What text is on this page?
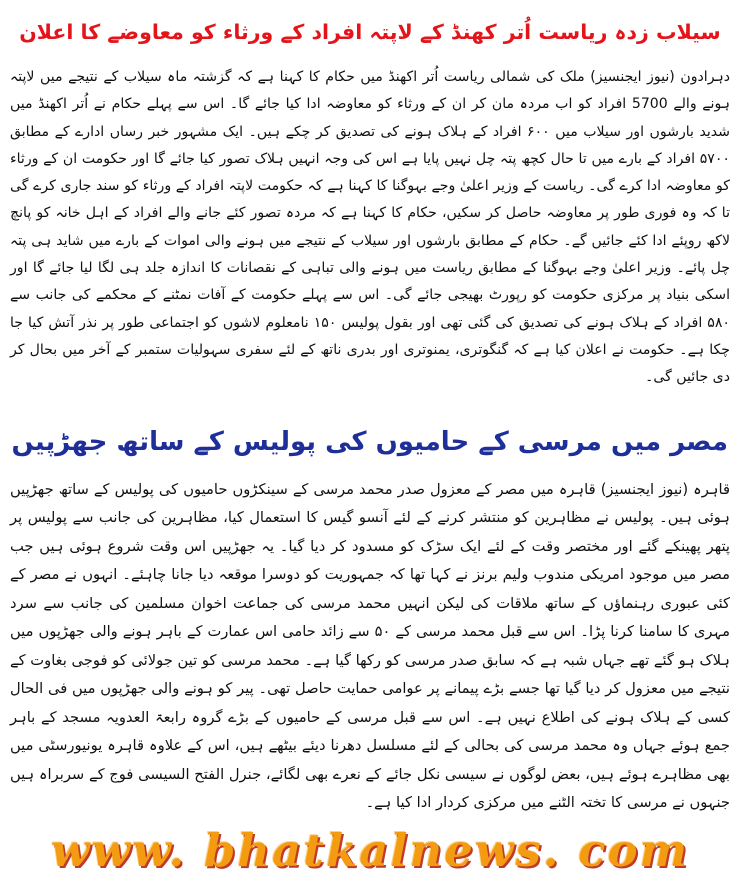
سیلاب زدہ ریاست اُتر کھنڈ کے لاپتہ افراد کے ورثاء کو معاوضے کا اعلان
دہرادون (نیوز ایجنسیز) ملک کی شمالی ریاست اُتر اکھنڈ میں حکام کا کہنا ہے کہ گزشتہ ماہ سیلاب کے نتیجے میں لاپتہ ہونے والے 5700 افراد کو اب مردہ مان کر ان کے ورثاء کو معاوضہ ادا کیا جائے گا۔ اس سے پہلے حکام نے اُتر اکھنڈ میں شدید بارشوں اور سیلاب میں ۶۰۰ افراد کے ہلاک ہونے کی تصدیق کر چکے ہیں۔ ایک مشہور خبر رساں ادارے کے مطابق ۵۷۰۰ افراد کے بارے میں تا حال کچھ پتہ چل نہیں پایا ہے اس کی وجہ انہیں ہلاک تصور کیا جائے گا اور حکومت ان کے ورثاء کو معاوضہ ادا کرے گی۔ ریاست کے وزیر اعلیٰ وجے بہوگنا کا کہنا ہے کہ حکومت لاپتہ افراد کے ورثاء کو سند جاری کرے گی تا کہ وہ فوری طور پر معاوضہ حاصل کر سکیں، حکام کا کہنا ہے کہ مردہ تصور کئے جانے والے افراد کے اہل خانہ کو پانچ لاکھ روپئے ادا کئے جائیں گے۔ حکام کے مطابق بارشوں اور سیلاب کے نتیجے میں ہونے والی اموات کے بارے میں شاید ہی پتہ چل پائے۔ وزیر اعلیٰ وجے بہوگنا کے مطابق ریاست میں ہونے والی تباہی کے نقصانات کا اندازہ جلد ہی لگا لیا جائے گا اور اسکی بنیاد پر مرکزی حکومت کو رپورٹ بھیجی جائے گی۔ اس سے پہلے حکومت کے آفات نمٹنے کے محکمے کی جانب سے ۵۸۰ افراد کے ہلاک ہونے کی تصدیق کی گئی تھی اور بقول پولیس ۱۵۰ نامعلوم لاشوں کو اجتماعی طور پر نذر آتش کیا جا چکا ہے۔ حکومت نے اعلان کیا ہے کہ گنگوتری، یمنوتری اور بدری ناتھ کے لئے سفری سہولیات ستمبر کے آخر میں بحال کر دی جائیں گی۔
مصر میں مرسی کے حامیوں کی پولیس کے ساتھ جھڑپیں
قاہرہ (نیوز ایجنسیز) قاہرہ میں مصر کے معزول صدر محمد مرسی کے سینکڑوں حامیوں کی پولیس کے ساتھ جھڑپیں ہوئی ہیں۔ پولیس نے مظاہرین کو منتشر کرنے کے لئے آنسو گیس کا استعمال کیا، مظاہرین کی جانب سے پولیس پر پتھر پھینکے گئے اور مختصر وقت کے لئے ایک سڑک کو مسدود کر دیا گیا۔ یہ جھڑپیں اس وقت شروع ہوئی ہیں جب مصر میں موجود امریکی مندوب ولیم برنز نے کہا تھا کہ جمہوریت کو دوسرا موقعہ دیا جانا چاہئے۔ انہوں نے مصر کے کئی عبوری رہنماؤں کے ساتھ ملاقات کی لیکن انہیں محمد مرسی کی جماعت اخوان مسلمین کی جانب سے سرد مہری کا سامنا کرنا پڑا۔ اس سے قبل محمد مرسی کے ۵۰ سے زائد حامی اس عمارت کے باہر ہونے والی جھڑپوں میں ہلاک ہو گئے تھے جہاں شبہ ہے کہ سابق صدر مرسی کو رکھا گیا ہے۔ محمد مرسی کو تین جولائی کو فوجی بغاوت کے نتیجے میں معزول کر دیا گیا تھا جسے بڑے پیمانے پر عوامی حمایت حاصل تھی۔ پیر کو ہونے والی جھڑپوں میں فی الحال کسی کے ہلاک ہونے کی اطلاع نہیں ہے۔ اس سے قبل مرسی کے حامیوں کے بڑے گروہ رابعۃ العدویہ مسجد کے باہر جمع ہوئے جہاں وہ محمد مرسی کی بحالی کے لئے مسلسل دھرنا دیئے بیٹھے ہیں، اس کے علاوہ قاہرہ یونیورسٹی میں بھی مظاہرے ہوئے ہیں، بعض لوگوں نے سیسی نکل جائے کے نعرے بھی لگائے، جنرل الفتح السیسی فوج کے سربراہ ہیں جنہوں نے مرسی کا تختہ الٹنے میں مرکزی کردار ادا کیا ہے۔
www. bhatkalnews. com
